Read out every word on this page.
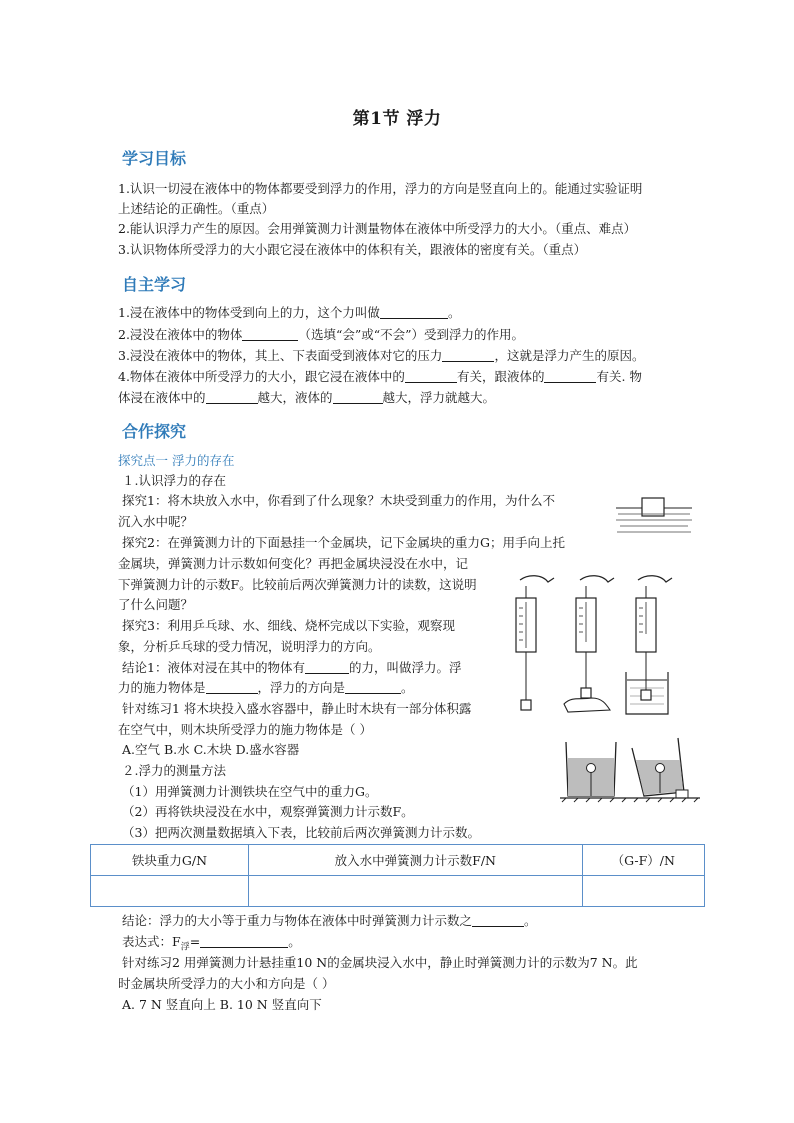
第1节 浮力
学习目标
1.认识一切浸在液体中的物体都要受到浮力的作用，浮力的方向是竖直向上的。能通过实验证明
上述结论的正确性。（重点）
2.能认识浮力产生的原因。会用弹簧测力计测量物体在液体中所受浮力的大小。（重点、难点）
3.认识物体所受浮力的大小跟它浸在液体中的体积有关，跟液体的密度有关。（重点）
自主学习
1.浸在液体中的物体受到向上的力，这个力叫做	。
2.浸没在液体中的物体	（选填“会”或“不会”）受到浮力的作用。
3.浸没在液体中的物体，其上、下表面受到液体对它的压力	，这就是浮力产生的原因。
4.物体在液体中所受浮力的大小，跟它浸在液体中的	有关，跟液体的	有关. 物
体浸在液体中的	越大，液体的	越大，浮力就越大。
合作探究
探究点一 浮力的存在
１.认识浮力的存在
探究1：将木块放入水中，你看到了什么现象？木块受到重力的作用，为什么不
沉入水中呢？
探究2：在弹簧测力计的下面悬挂一个金属块，记下金属块的重力G；用手向上托
金属块，弹簧测力计示数如何变化？再把金属块浸没在水中，记
下弹簧测力计的示数F。比较前后两次弹簧测力计的读数，这说明
了什么问题？
探究3：利用乒乓球、水、细线、烧杯完成以下实验，观察现
象，分析乒乓球的受力情况，说明浮力的方向。
结论1：液体对浸在其中的物体有	的力，叫做浮力。浮
力的施力物体是	，浮力的方向是	。
针对练习1 将木块投入盛水容器中，静止时木块有一部分体积露
在空气中，则木块所受浮力的施力物体是（ ）
A.空气 B.水 C.木块 D.盛水容器
２.浮力的测量方法
（1）用弹簧测力计测铁块在空气中的重力G。
（2）再将铁块浸没在水中，观察弹簧测力计示数F。
（3）把两次测量数据填入下表，比较前后两次弹簧测力计示数。
铁块重力G/N	放入水中弹簧测力计示数F/N	（G-F）/N

结论：浮力的大小等于重力与物体在液体中时弹簧测力计示数之	。
表达式：$F_浮=$	。
针对练习2 用弹簧测力计悬挂重10 N的金属块浸入水中，静止时弹簧测力计的示数为7 N。此
时金属块所受浮力的大小和方向是（ ）
A. 7 N 竖直向上 B. 10 N 竖直向下
